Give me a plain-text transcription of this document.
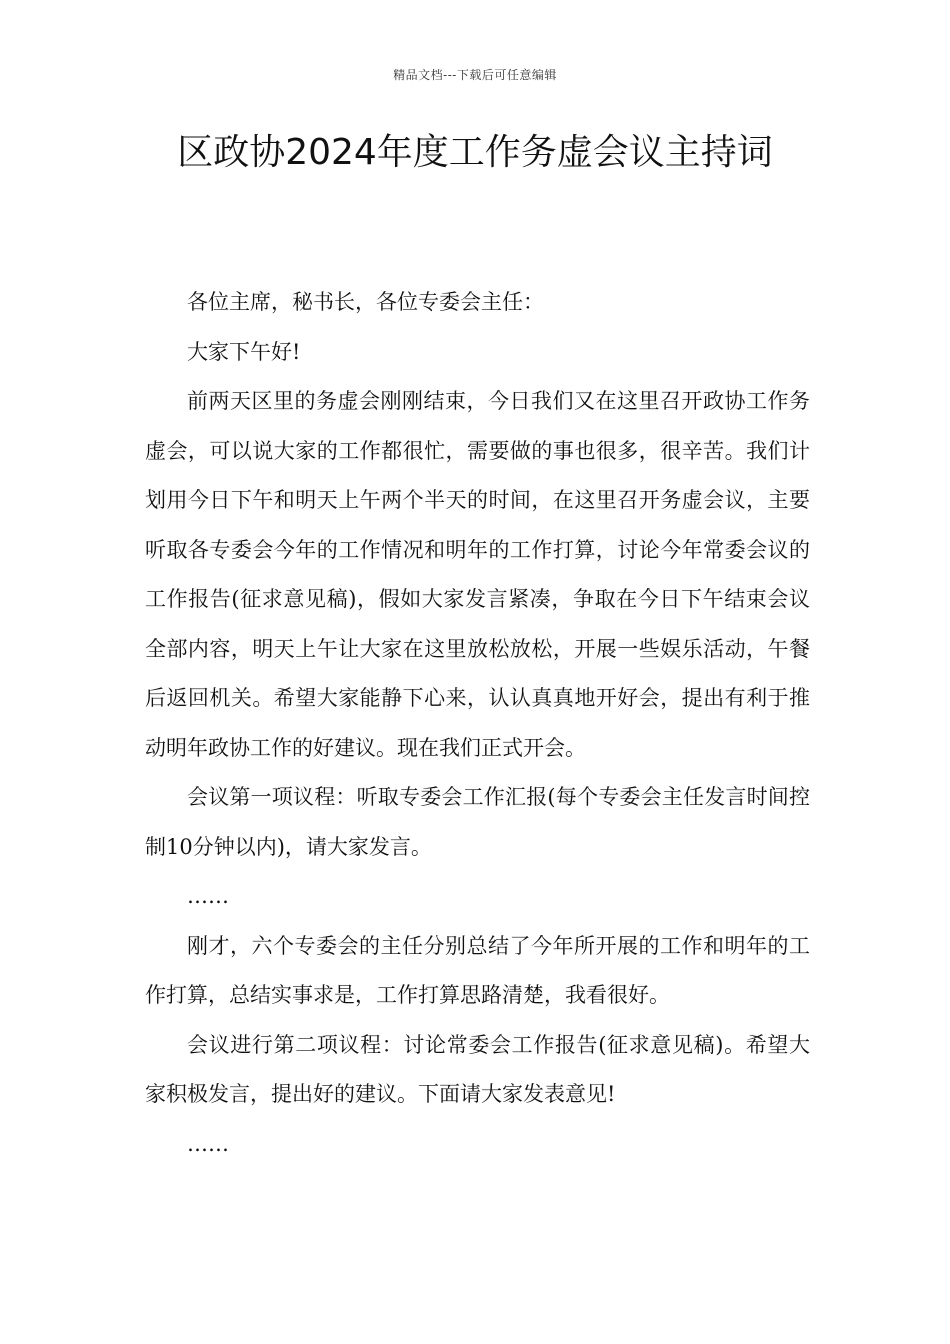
精品文档---下载后可任意编辑
区政协2024年度工作务虚会议主持词

各位主席，秘书长，各位专委会主任：

大家下午好!

前两天区里的务虚会刚刚结束，今日我们又在这里召开政协工作务虚会，可以说大家的工作都很忙，需要做的事也很多，很辛苦。我们计划用今日下午和明天上午两个半天的时间，在这里召开务虚会议，主要听取各专委会今年的工作情况和明年的工作打算，讨论今年常委会议的工作报告(征求意见稿)，假如大家发言紧凑，争取在今日下午结束会议全部内容，明天上午让大家在这里放松放松，开展一些娱乐活动，午餐后返回机关。希望大家能静下心来，认认真真地开好会，提出有利于推动明年政协工作的好建议。现在我们正式开会。

会议第一项议程：听取专委会工作汇报(每个专委会主任发言时间控制10分钟以内)，请大家发言。

……

刚才，六个专委会的主任分别总结了今年所开展的工作和明年的工作打算，总结实事求是，工作打算思路清楚，我看很好。

会议进行第二项议程：讨论常委会工作报告(征求意见稿)。希望大家积极发言，提出好的建议。下面请大家发表意见!

……
